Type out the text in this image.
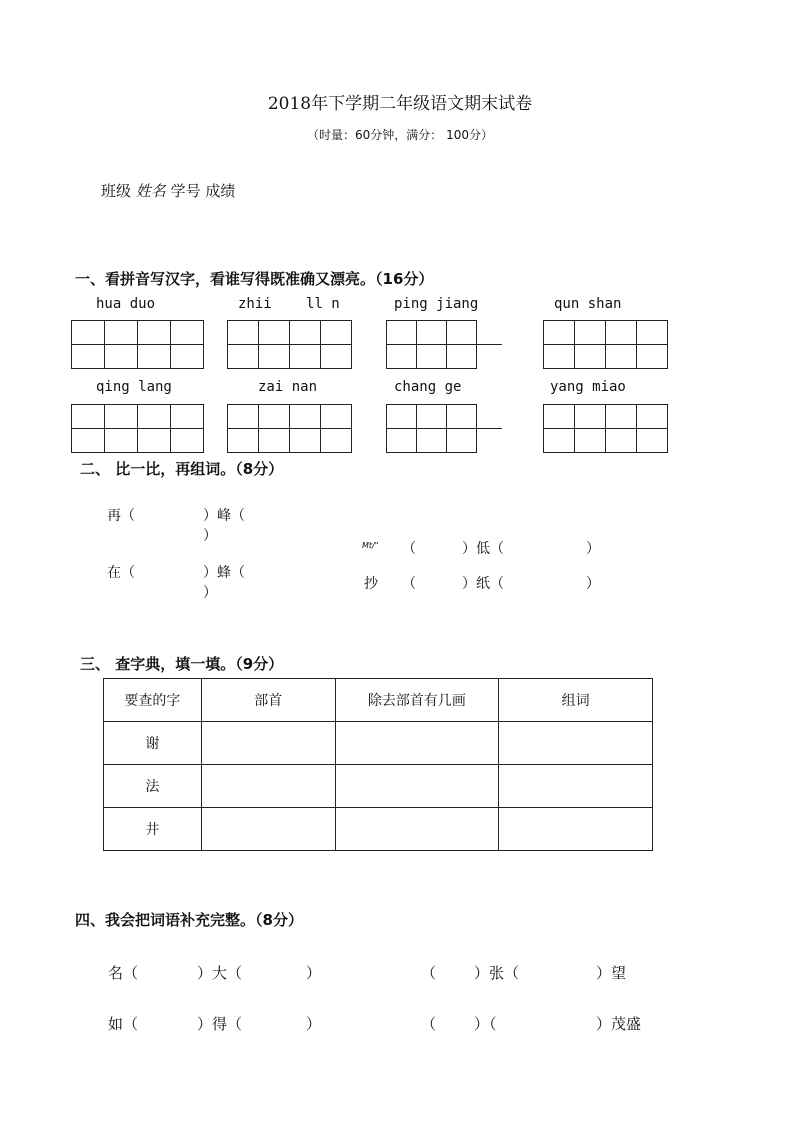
2018年下学期二年级语文期末试卷
（时量：60分钟，满分： 100分）
班级 姓名 学号 成绩
一、看拼音写汉字，看谁写得既准确又漂亮。（16分）
hua duo	zhii ll n	ping jiang	qun shan
qing lang	zai nan	chang ge	yang miao
二、 比一比，再组词。（8分）
再（	）峰（
）
在（	）蜂（
）
Mt/" （	）低（	）
抄 （	）纸（	）
三、 查字典，填一填。（9分）
要查的字	部首	除去部首有几画	组词
谢			
法			
井			
四、我会把词语补充完整。（8分）
名（	）大（	）	（	）张（	）望
如（	）得（	）	（	）（	）茂盛
